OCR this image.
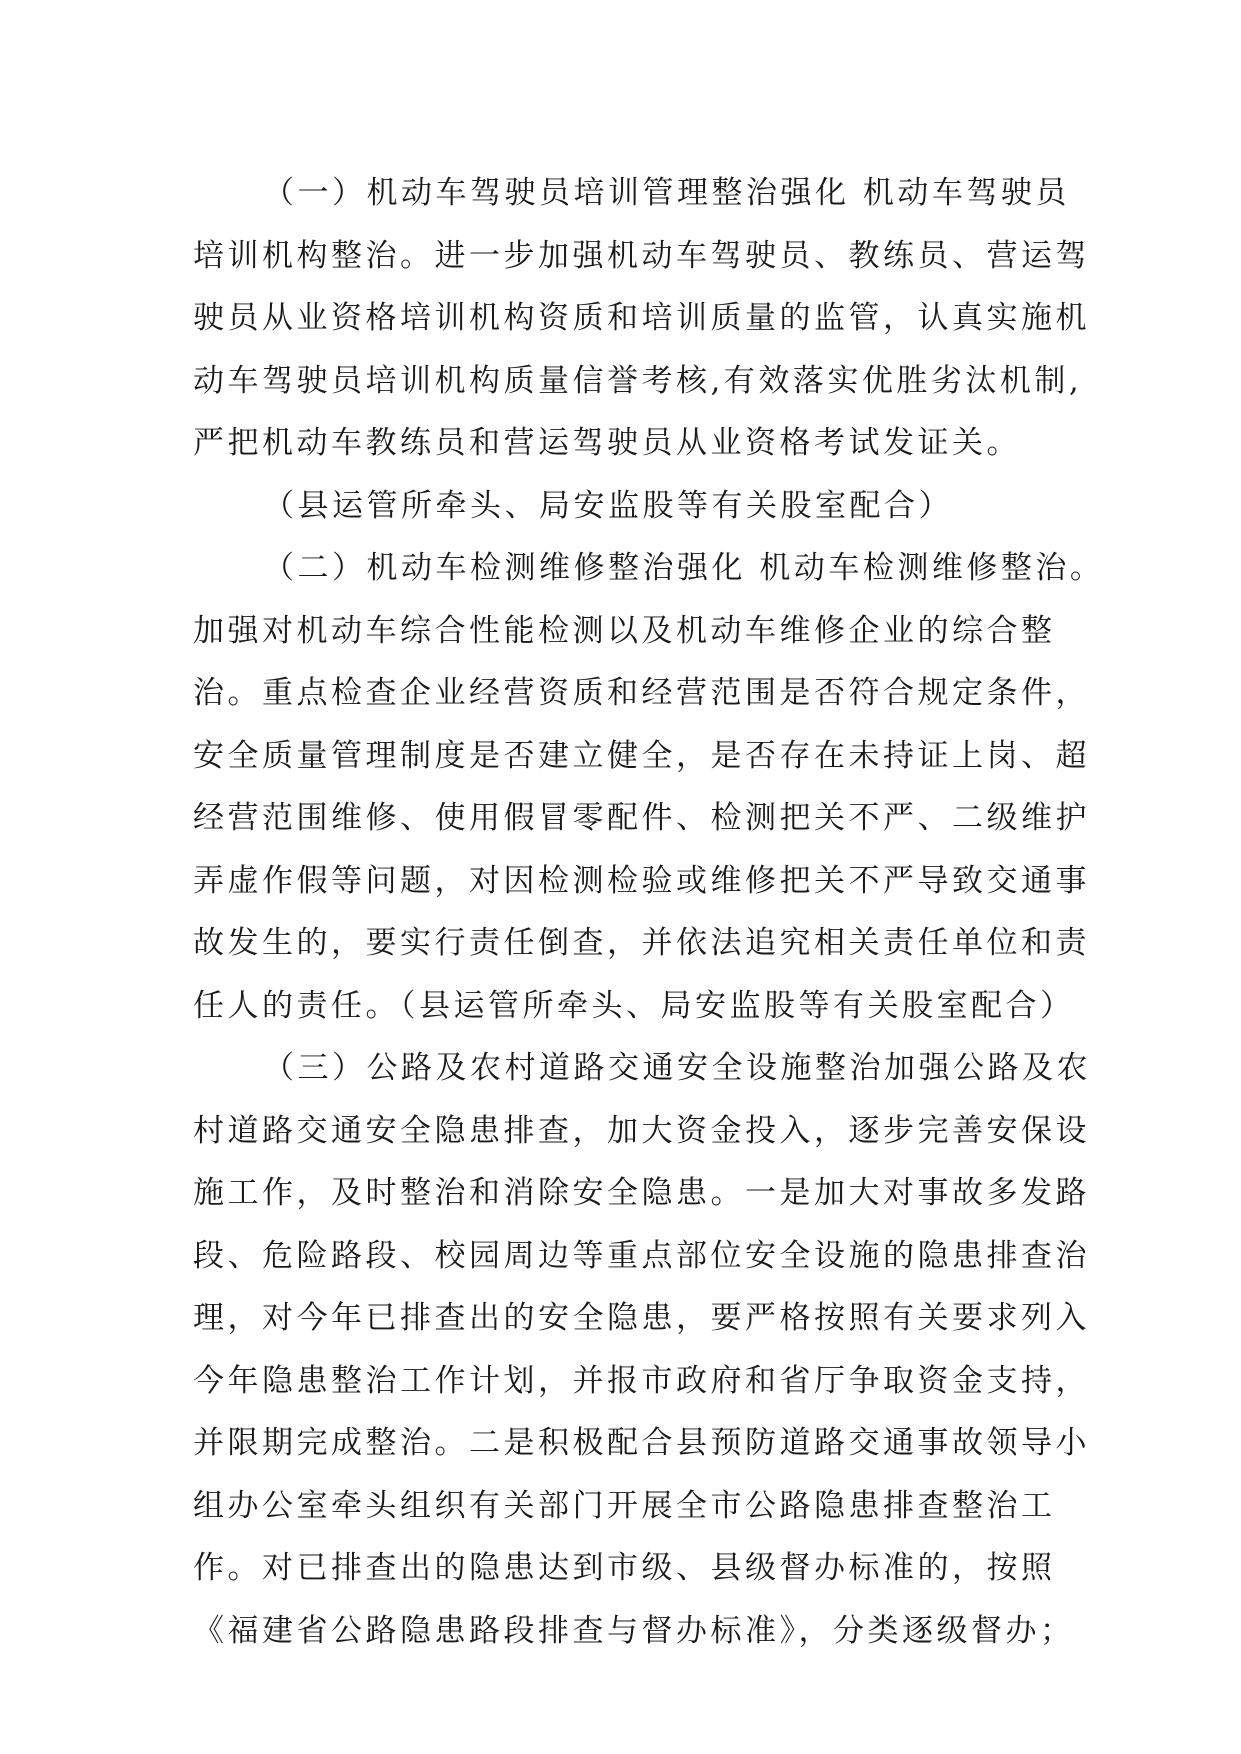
（一）机动车驾驶员培训管理整治强化 机动车驾驶员
培训机构整治。进一步加强机动车驾驶员、教练员、营运驾
驶员从业资格培训机构资质和培训质量的监管，认真实施机
动车驾驶员培训机构质量信誉考核,有效落实优胜劣汰机制,
严把机动车教练员和营运驾驶员从业资格考试发证关。
（县运管所牵头、局安监股等有关股室配合）
（二）机动车检测维修整治强化 机动车检测维修整治。
加强对机动车综合性能检测以及机动车维修企业的综合整
治。重点检查企业经营资质和经营范围是否符合规定条件，
安全质量管理制度是否建立健全，是否存在未持证上岗、超
经营范围维修、使用假冒零配件、检测把关不严、二级维护
弄虚作假等问题，对因检测检验或维修把关不严导致交通事
故发生的，要实行责任倒查，并依法追究相关责任单位和责
任人的责任。（县运管所牵头、局安监股等有关股室配合）
（三）公路及农村道路交通安全设施整治加强公路及农
村道路交通安全隐患排查，加大资金投入，逐步完善安保设
施工作，及时整治和消除安全隐患。一是加大对事故多发路
段、危险路段、校园周边等重点部位安全设施的隐患排查治
理，对今年已排查出的安全隐患，要严格按照有关要求列入
今年隐患整治工作计划，并报市政府和省厅争取资金支持，
并限期完成整治。二是积极配合县预防道路交通事故领导小
组办公室牵头组织有关部门开展全市公路隐患排查整治工
作。对已排查出的隐患达到市级、县级督办标准的，按照
《福建省公路隐患路段排查与督办标准》，分类逐级督办；
